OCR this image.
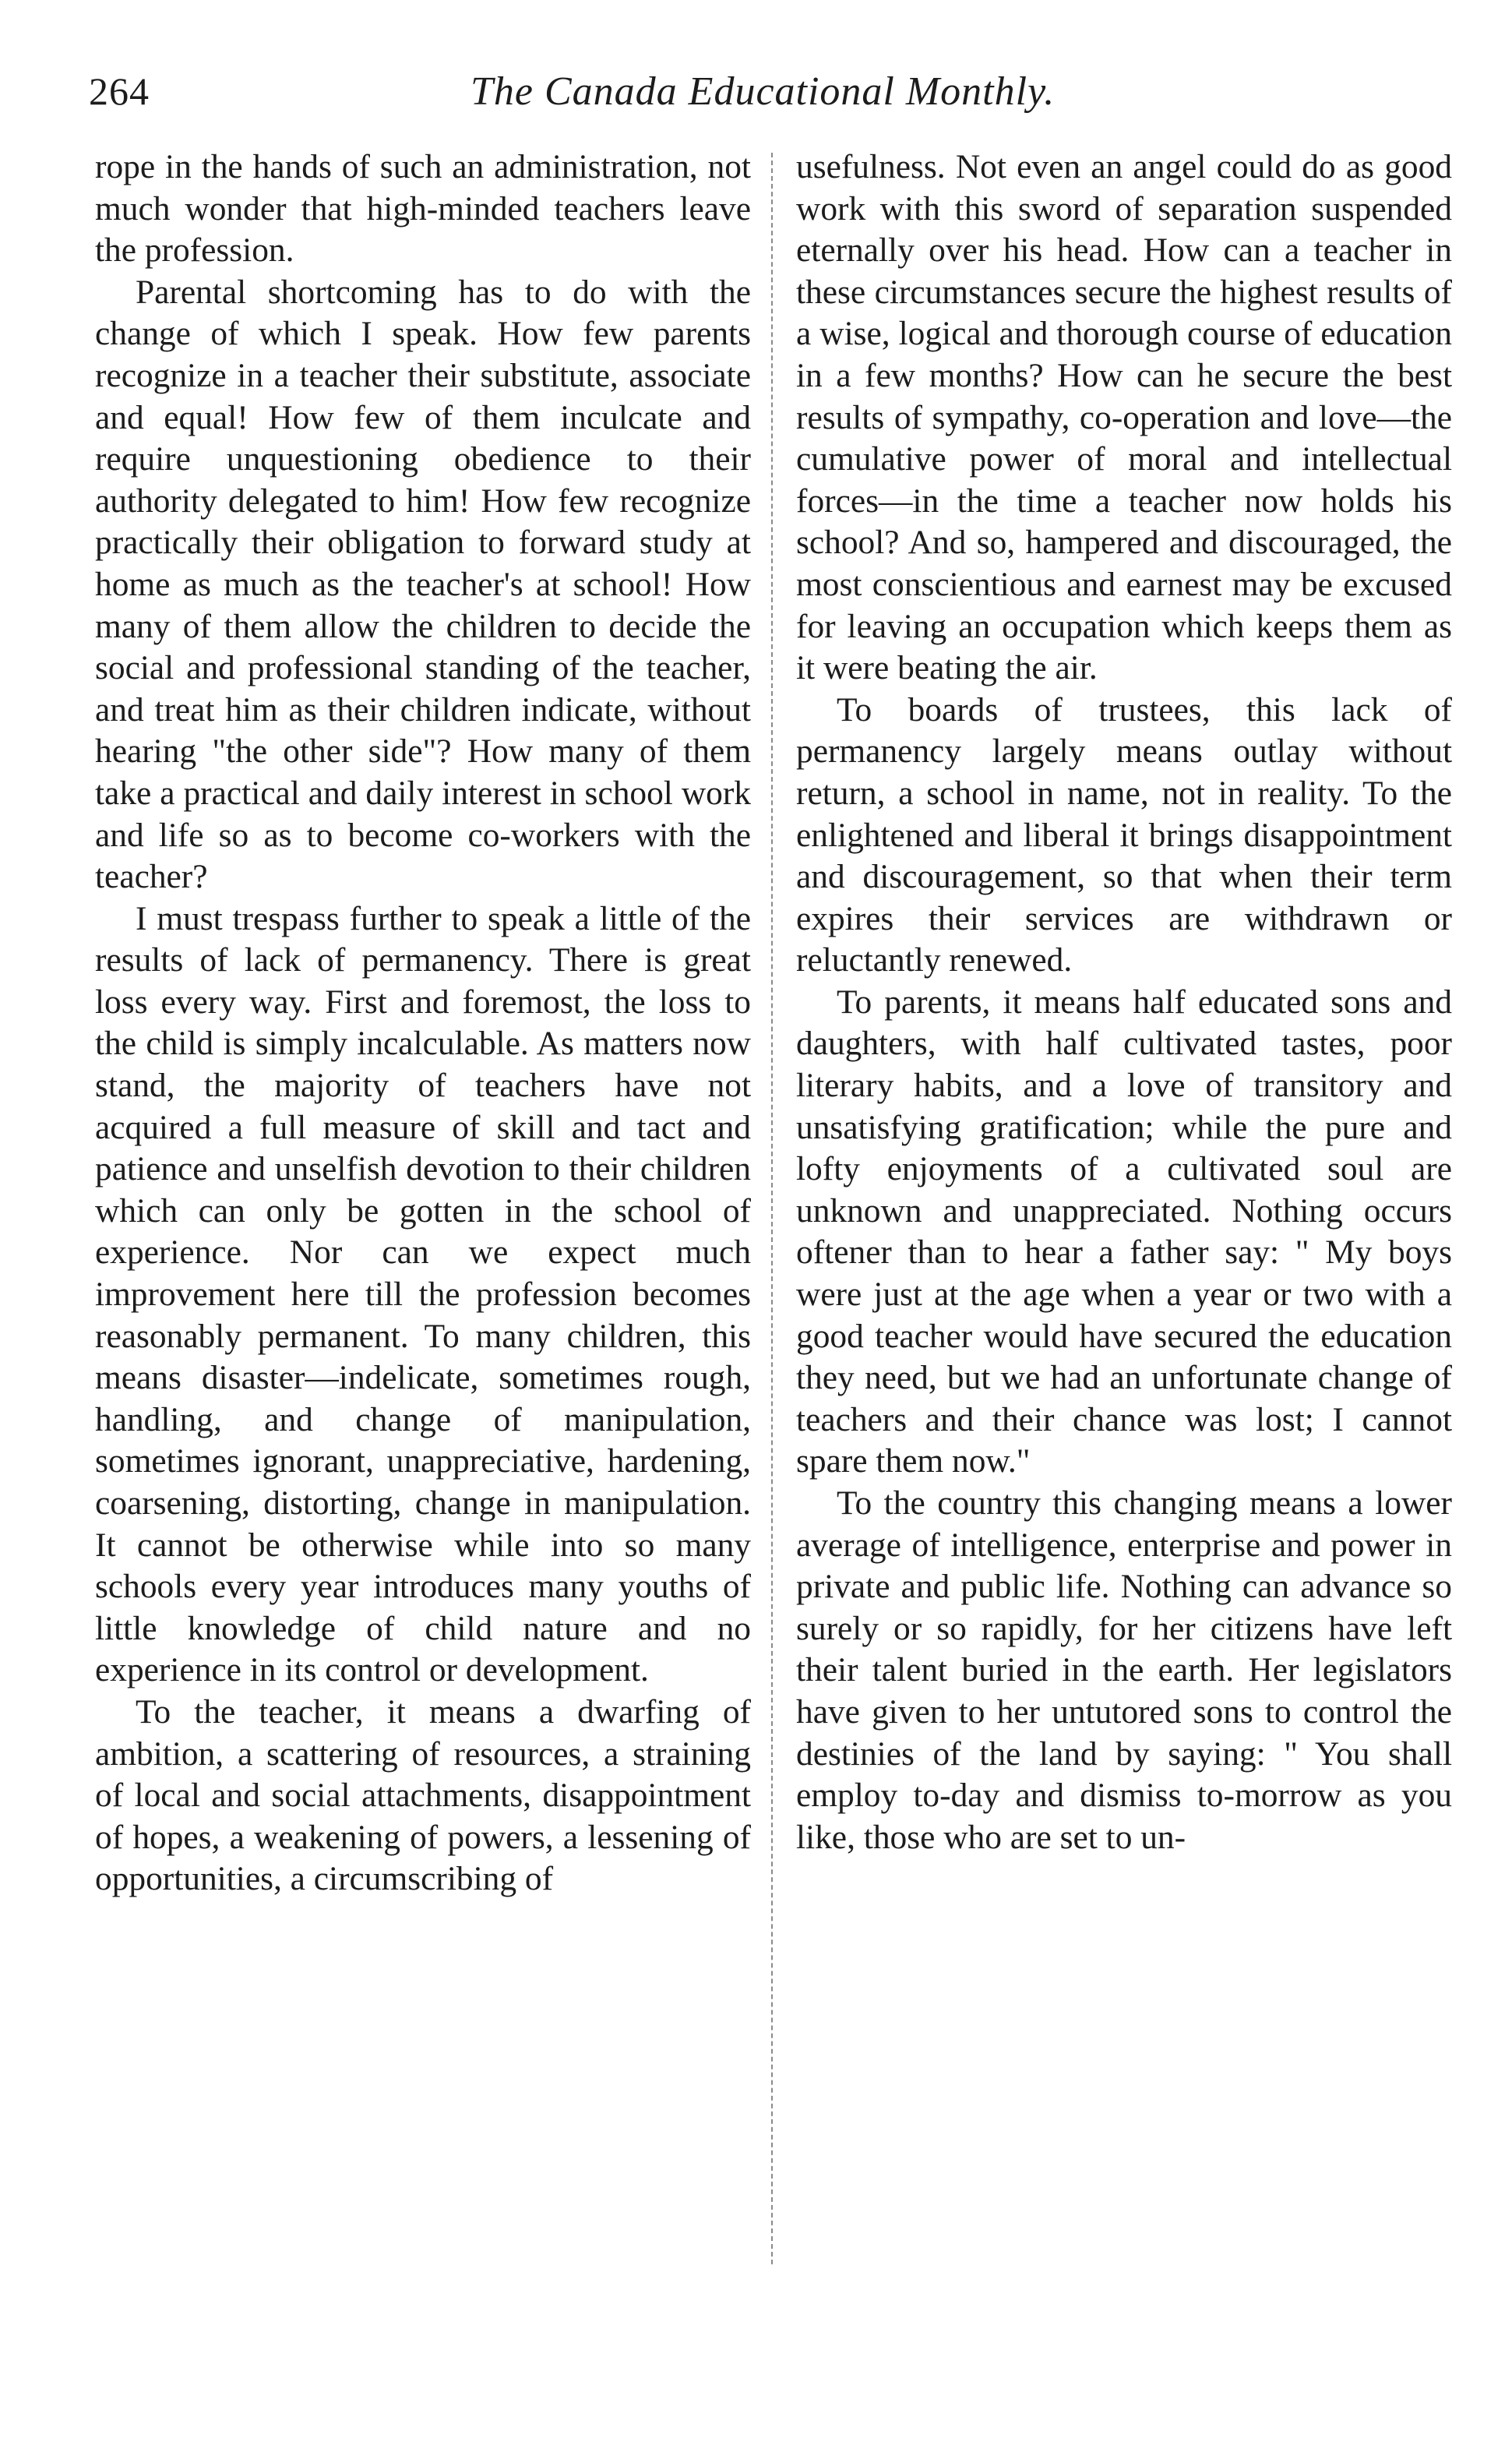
264	The Canada Educational Monthly.

rope in the hands of such an administration, not much wonder that high-minded teachers leave the profession.

Parental shortcoming has to do with the change of which I speak. How few parents recognize in a teacher their substitute, associate and equal! How few of them inculcate and require unquestioning obedience to their authority delegated to him! How few recognize practically their obligation to forward study at home as much as the teacher's at school! How many of them allow the children to decide the social and professional standing of the teacher, and treat him as their children indicate, without hearing "the other side"? How many of them take a practical and daily interest in school work and life so as to become co-workers with the teacher?

I must trespass further to speak a little of the results of lack of permanency. There is great loss every way. First and foremost, the loss to the child is simply incalculable. As matters now stand, the majority of teachers have not acquired a full measure of skill and tact and patience and unselfish devotion to their children which can only be gotten in the school of experience. Nor can we expect much improvement here till the profession becomes reasonably permanent. To many children, this means disaster—indelicate, sometimes rough, handling, and change of manipulation, sometimes ignorant, unappreciative, hardening, coarsening, distorting, change in manipulation. It cannot be otherwise while into so many schools every year introduces many youths of little knowledge of child nature and no experience in its control or development.

To the teacher, it means a dwarfing of ambition, a scattering of resources, a straining of local and social attachments, disappointment of hopes, a weakening of powers, a lessening of opportunities, a circumscribing of

usefulness. Not even an angel could do as good work with this sword of separation suspended eternally over his head. How can a teacher in these circumstances secure the highest results of a wise, logical and thorough course of education in a few months? How can he secure the best results of sympathy, co-operation and love—the cumulative power of moral and intellectual forces—in the time a teacher now holds his school? And so, hampered and discouraged, the most conscientious and earnest may be excused for leaving an occupation which keeps them as it were beating the air.

To boards of trustees, this lack of permanency largely means outlay without return, a school in name, not in reality. To the enlightened and liberal it brings disappointment and discouragement, so that when their term expires their services are withdrawn or reluctantly renewed.

To parents, it means half educated sons and daughters, with half cultivated tastes, poor literary habits, and a love of transitory and unsatisfying gratification; while the pure and lofty enjoyments of a cultivated soul are unknown and unappreciated. Nothing occurs oftener than to hear a father say: " My boys were just at the age when a year or two with a good teacher would have secured the education they need, but we had an unfortunate change of teachers and their chance was lost; I cannot spare them now."

To the country this changing means a lower average of intelligence, enterprise and power in private and public life. Nothing can advance so surely or so rapidly, for her citizens have left their talent buried in the earth. Her legislators have given to her untutored sons to control the destinies of the land by saying: " You shall employ to-day and dismiss to-morrow as you like, those who are set to un-
